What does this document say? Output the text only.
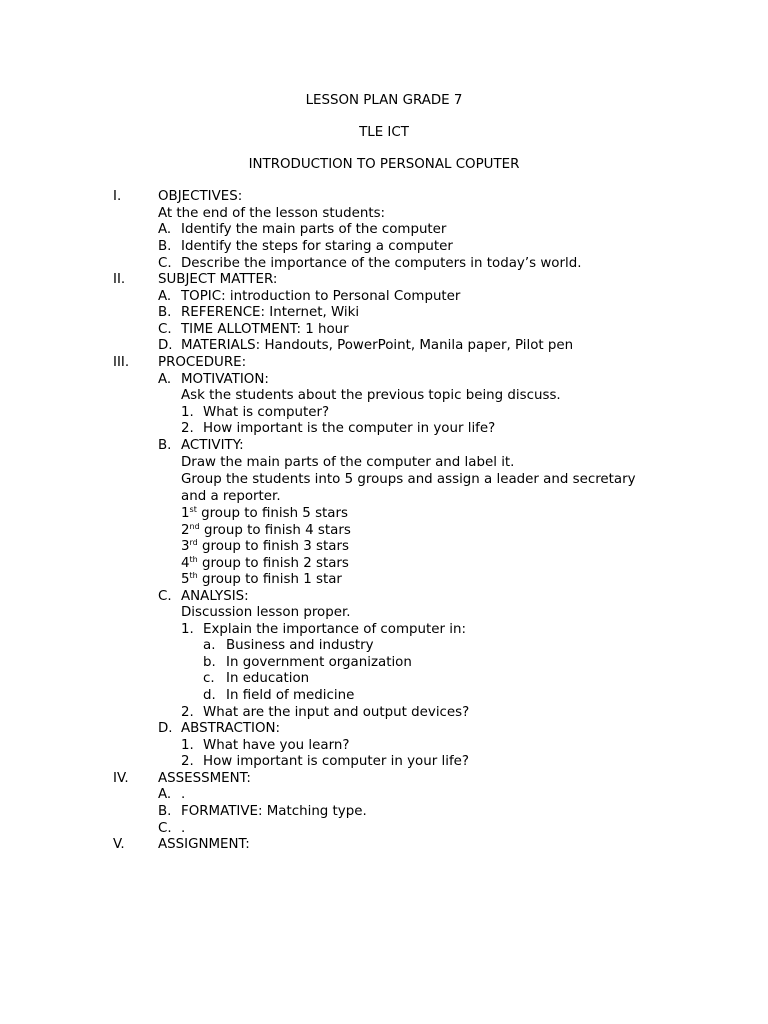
LESSON PLAN GRADE 7
TLE ICT
INTRODUCTION TO PERSONAL COPUTER
I.	OBJECTIVES:
At the end of the lesson students:
A. Identify the main parts of the computer
B. Identify the steps for staring a computer
C. Describe the importance of the computers in today’s world.
II. SUBJECT MATTER:
A. TOPIC: introduction to Personal Computer
B. REFERENCE: Internet, Wiki
C. TIME ALLOTMENT: 1 hour
D. MATERIALS: Handouts, PowerPoint, Manila paper, Pilot pen
III. PROCEDURE:
A. MOTIVATION:
Ask the students about the previous topic being discuss.
1. What is computer?
2. How important is the computer in your life?
B. ACTIVITY:
Draw the main parts of the computer and label it.
Group the students into 5 groups and assign a leader and secretary
and a reporter.
1st group to finish 5 stars
2nd group to finish 4 stars
3rd group to finish 3 stars
4th group to finish 2 stars
5th group to finish 1 star
C. ANALYSIS:
Discussion lesson proper.
1. Explain the importance of computer in:
a. Business and industry
b. In government organization
c. In education
d. In field of medicine
2. What are the input and output devices?
D. ABSTRACTION:
1. What have you learn?
2. How important is computer in your life?
IV. ASSESSMENT:
A. .
B. FORMATIVE: Matching type.
C. .
V. ASSIGNMENT:
